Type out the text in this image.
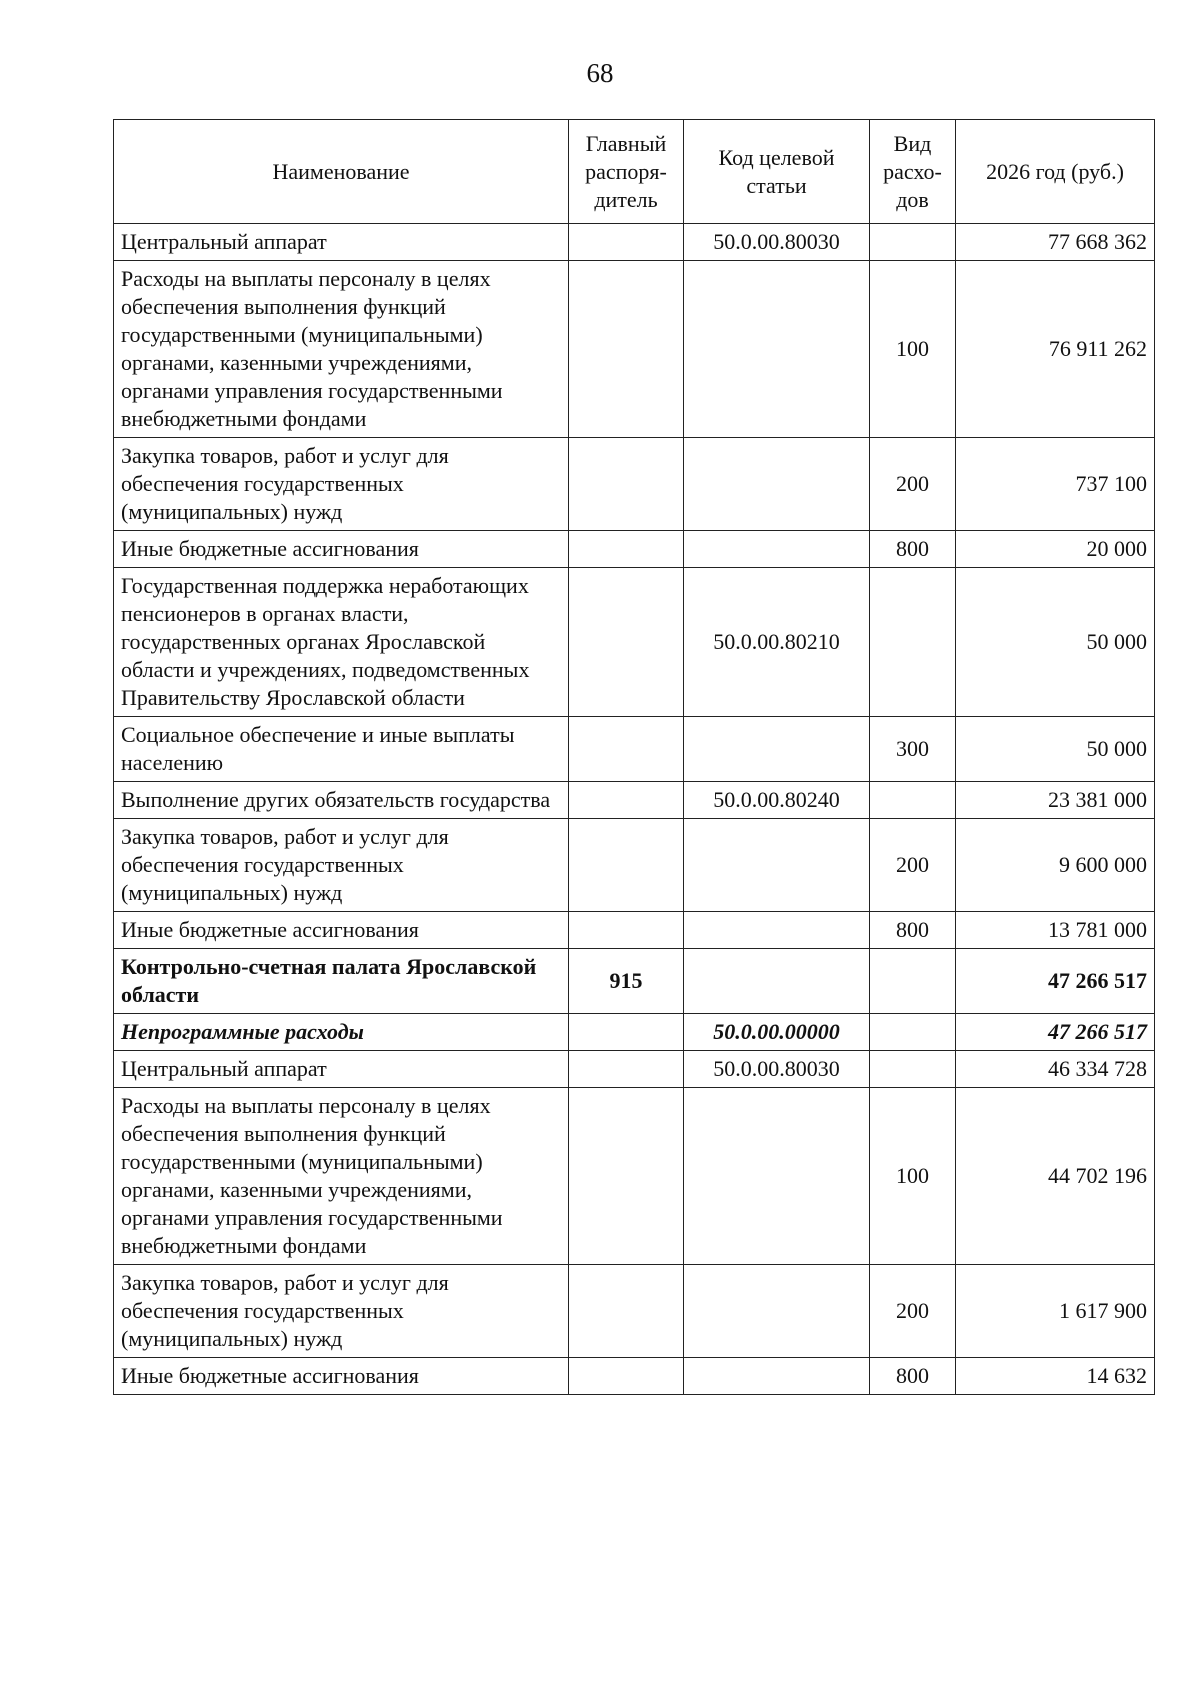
68
Наименование	Главный распоря-дитель	Код целевой статьи	Вид расхо-дов	2026 год (руб.)
Центральный аппарат		50.0.00.80030		77 668 362
Расходы на выплаты персоналу в целях обеспечения выполнения функций государственными (муниципальными) органами, казенными учреждениями, органами управления государственными внебюджетными фондами			100	76 911 262
Закупка товаров, работ и услуг для обеспечения государственных (муниципальных) нужд			200	737 100
Иные бюджетные ассигнования			800	20 000
Государственная поддержка неработающих пенсионеров в органах власти, государственных органах Ярославской области и учреждениях, подведомственных Правительству Ярославской области		50.0.00.80210		50 000
Социальное обеспечение и иные выплаты населению			300	50 000
Выполнение других обязательств государства		50.0.00.80240		23 381 000
Закупка товаров, работ и услуг для обеспечения государственных (муниципальных) нужд			200	9 600 000
Иные бюджетные ассигнования			800	13 781 000
Контрольно-счетная палата Ярославской области	915			47 266 517
Непрограммные расходы		50.0.00.00000		47 266 517
Центральный аппарат		50.0.00.80030		46 334 728
Расходы на выплаты персоналу в целях обеспечения выполнения функций государственными (муниципальными) органами, казенными учреждениями, органами управления государственными внебюджетными фондами			100	44 702 196
Закупка товаров, работ и услуг для обеспечения государственных (муниципальных) нужд			200	1 617 900
Иные бюджетные ассигнования			800	14 632
